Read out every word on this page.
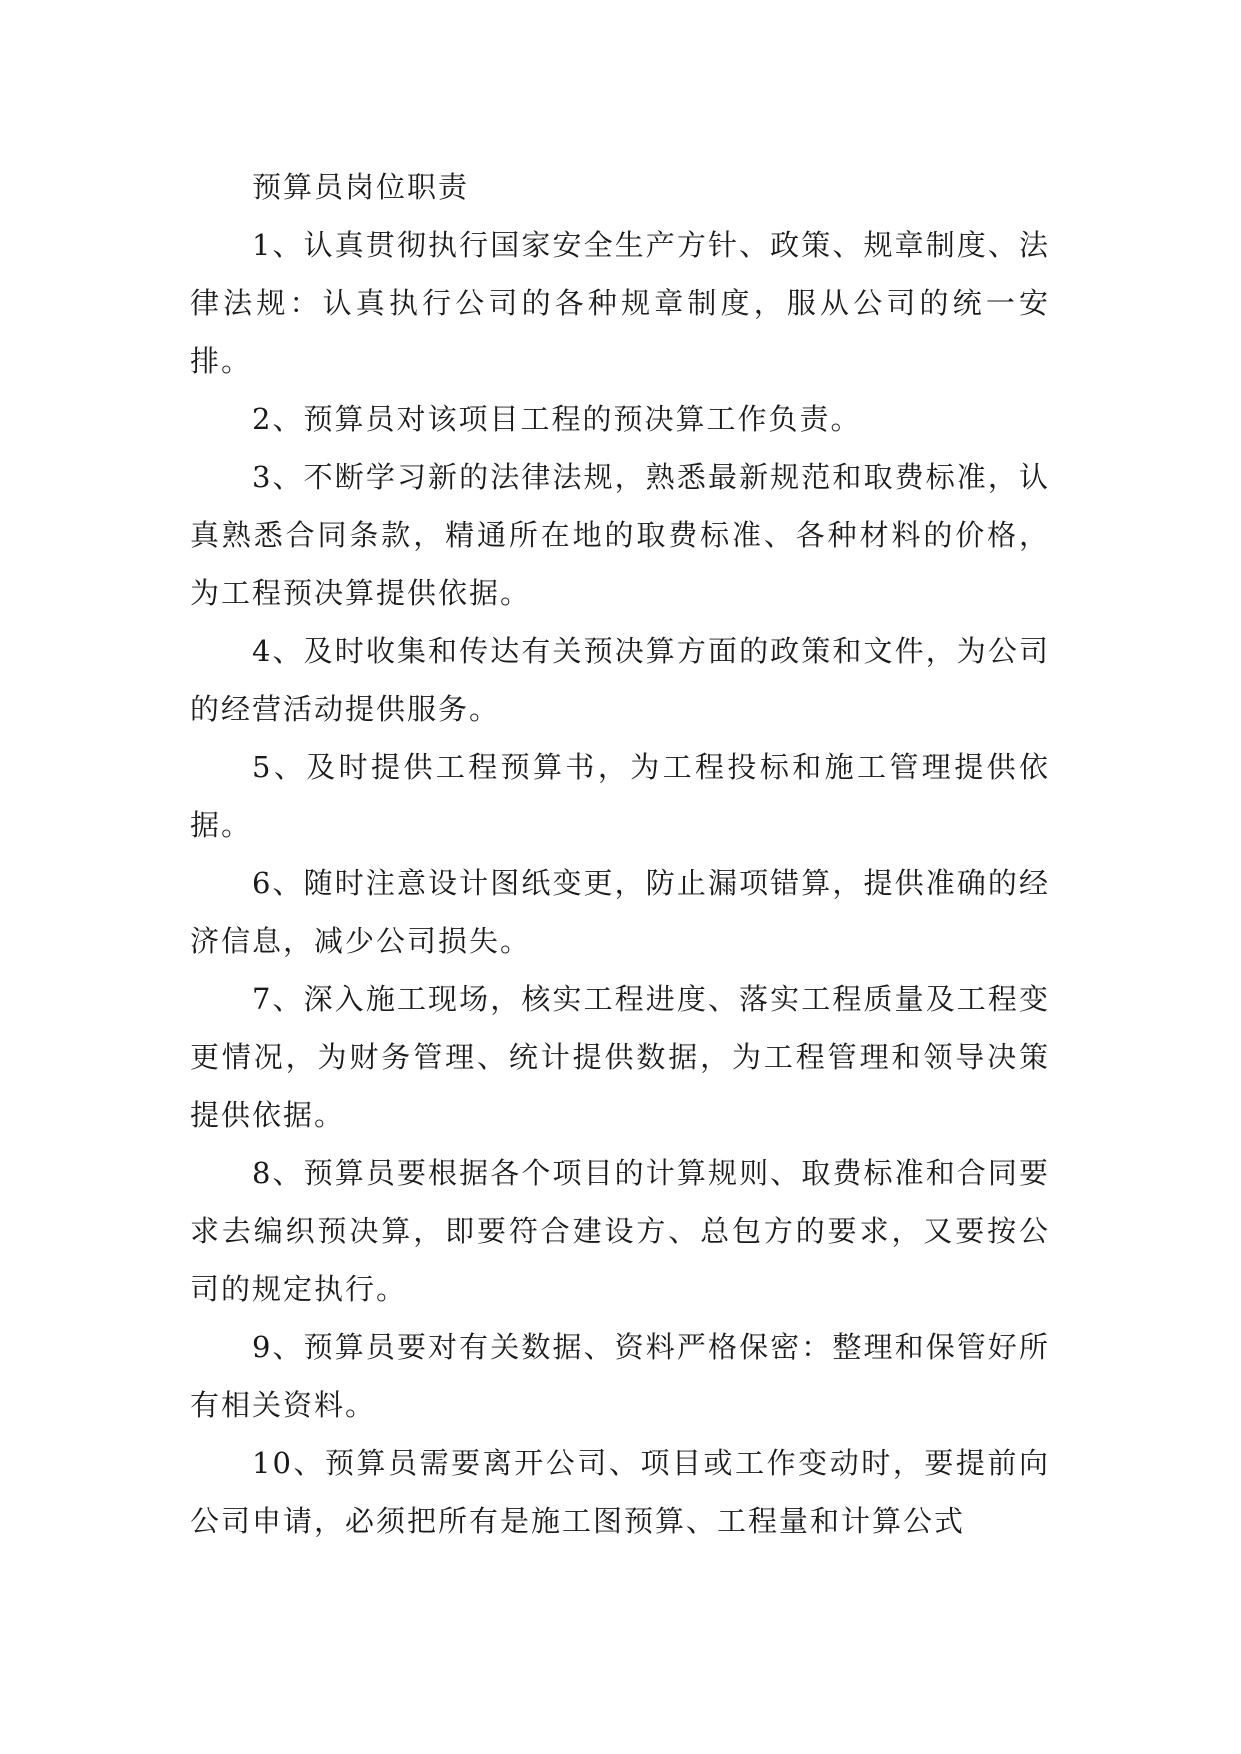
预算员岗位职责

1、认真贯彻执行国家安全生产方针、政策、规章制度、法律法规：认真执行公司的各种规章制度，服从公司的统一安排。

2、预算员对该项目工程的预决算工作负责。

3、不断学习新的法律法规，熟悉最新规范和取费标准，认真熟悉合同条款，精通所在地的取费标准、各种材料的价格，为工程预决算提供依据。

4、及时收集和传达有关预决算方面的政策和文件，为公司的经营活动提供服务。

5、及时提供工程预算书，为工程投标和施工管理提供依据。

6、随时注意设计图纸变更，防止漏项错算，提供准确的经济信息，减少公司损失。

7、深入施工现场，核实工程进度、落实工程质量及工程变更情况，为财务管理、统计提供数据，为工程管理和领导决策提供依据。

8、预算员要根据各个项目的计算规则、取费标准和合同要求去编织预决算，即要符合建设方、总包方的要求，又要按公司的规定执行。

9、预算员要对有关数据、资料严格保密：整理和保管好所有相关资料。

10、预算员需要离开公司、项目或工作变动时，要提前向公司申请，必须把所有是施工图预算、工程量和计算公式
